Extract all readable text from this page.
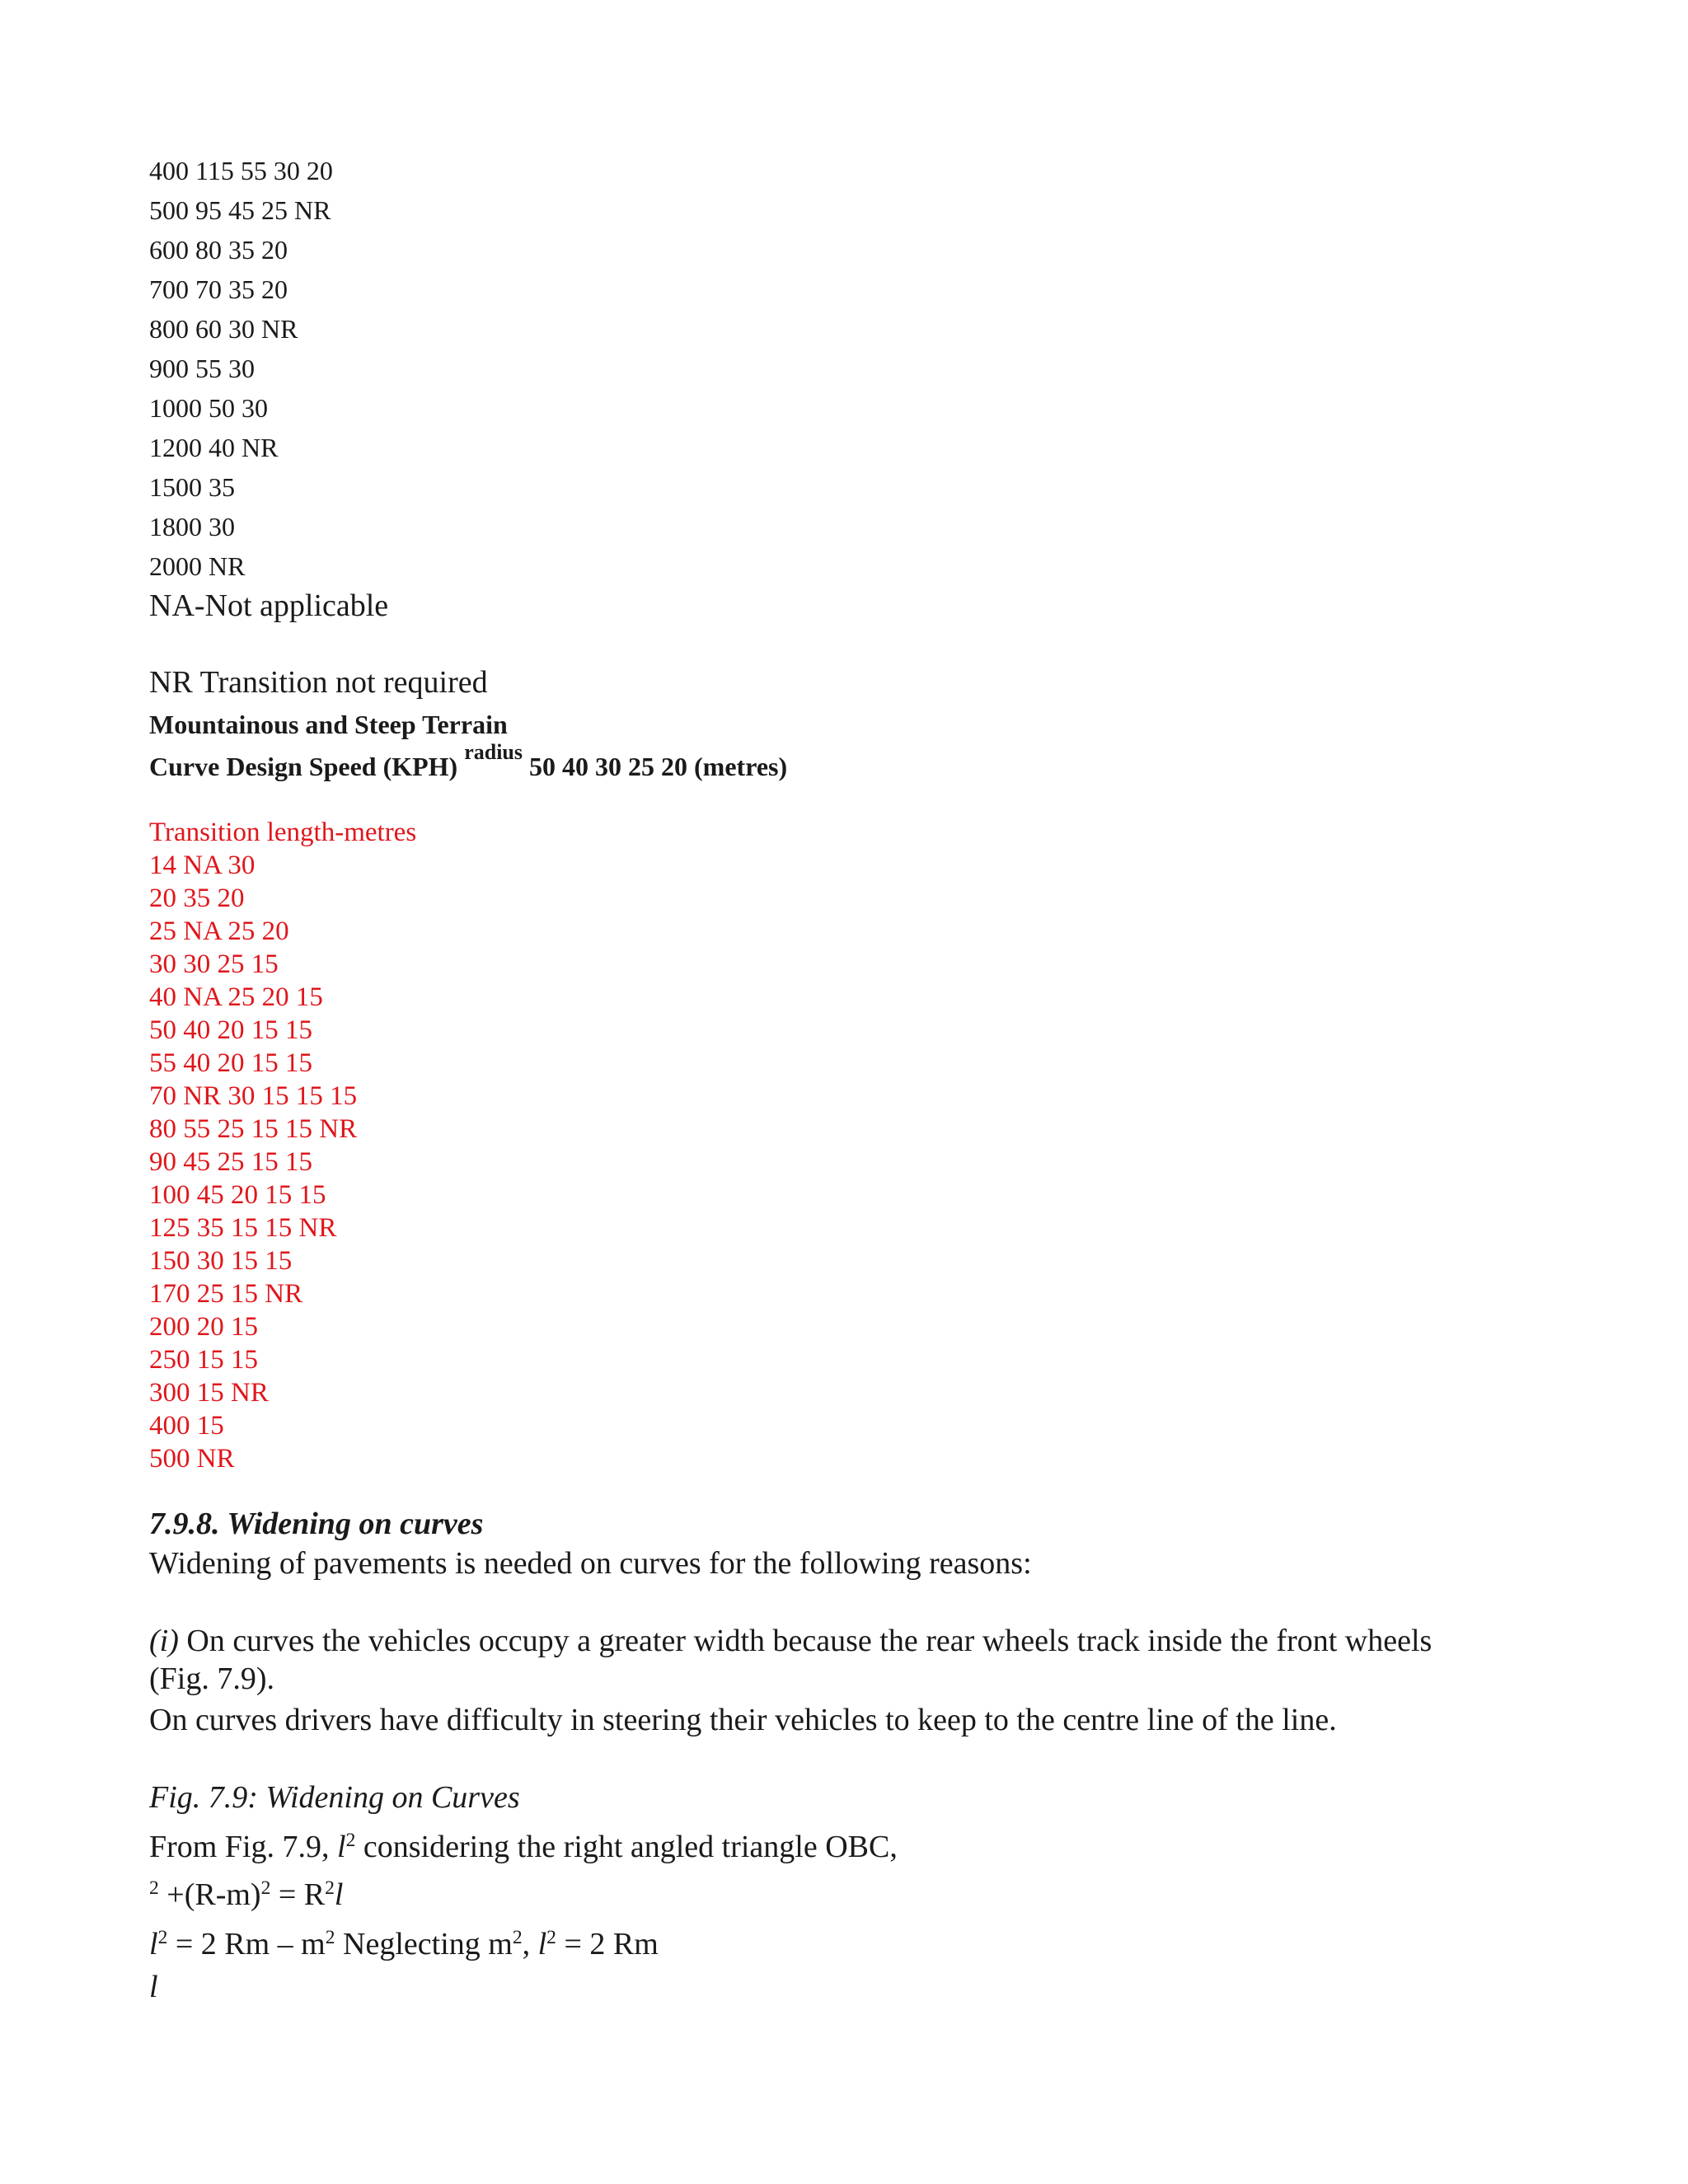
400 115 55 30 20
500 95 45 25 NR
600 80 35 20
700 70 35 20
800 60 30 NR
900 55 30
1000 50 30
1200 40 NR
1500 35
1800 30
2000 NR
NA-Not applicable
NR Transition not required
Mountainous and Steep Terrain
Curve Design Speed (KPH) $^{radius}$ 50 40 30 25 20 (metres)
Transition length-metres
14 NA 30
20 35 20
25 NA 25 20
30 30 25 15
40 NA 25 20 15
50 40 20 15 15
55 40 20 15 15
70 NR 30 15 15 15
80 55 25 15 15 NR
90 45 25 15 15
100 45 20 15 15
125 35 15 15 NR
150 30 15 15
170 25 15 NR
200 20 15
250 15 15
300 15 NR
400 15
500 NR
7.9.8. Widening on curves
Widening of pavements is needed on curves for the following reasons:
(i) On curves the vehicles occupy a greater width because the rear wheels track inside the front wheels
(Fig. 7.9).
On curves drivers have difficulty in steering their vehicles to keep to the centre line of the line.
Fig. 7.9: Widening on Curves
From Fig. 7.9, $l^2$ considering the right angled triangle OBC,
$^2 +(R-m)^2 = R^2l$
$l^2 = 2$ Rm – $m^2$ Neglecting $m^2$, $l^2 = 2$ Rm
l
